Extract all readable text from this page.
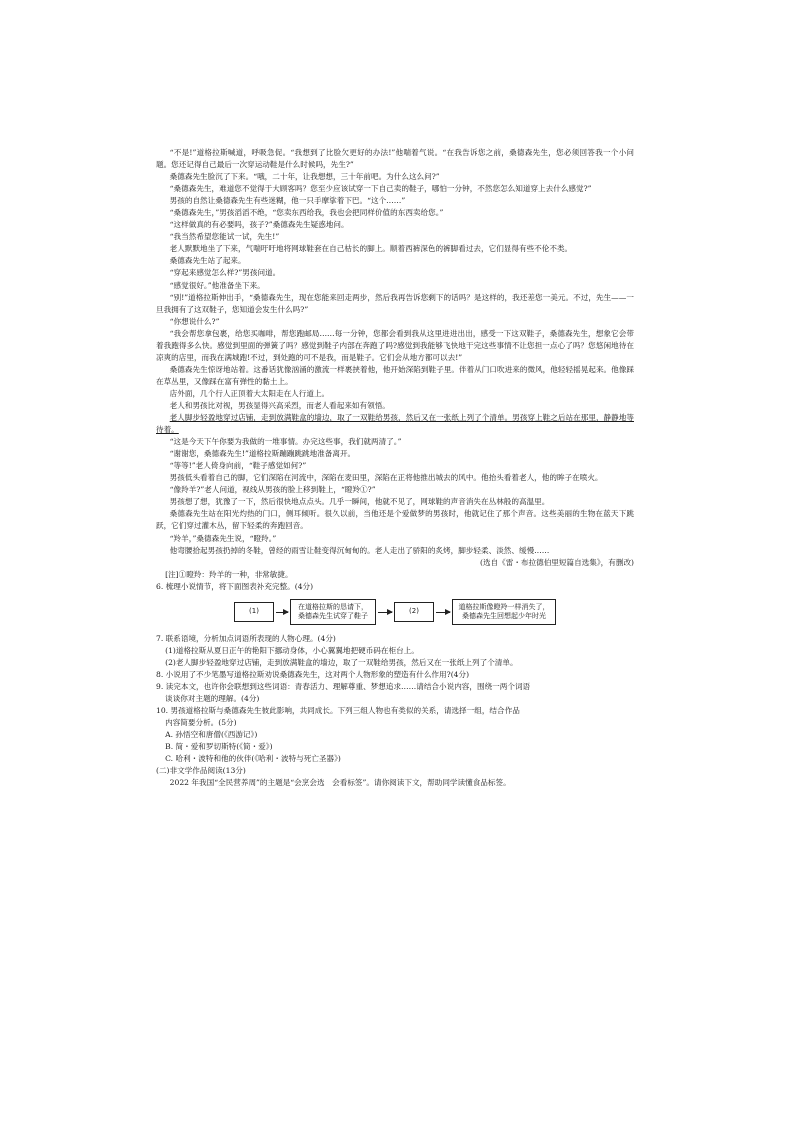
“不是!”道格拉斯喊道，呼吸急促。“我想到了比脸欠更好的办法!”他喘着气说。“在我告诉您之前，桑德森先生，您必须回答我一个小问题。您还记得自己最后一次穿运动鞋是什么时候吗，先生?”

桑德森先生脸沉了下来。“哦，二十年，让我想想，三十年前吧。为什么这么问?”

“桑德森先生，难道您不觉得于大顾客吗？您至少应该试穿一下自己卖的鞋子，哪怕一分钟，不然您怎么知道穿上去什么感觉?”

男孩的自然让桑德森先生有些迷糊，他一只手摩挲着下巴。“这个……”

“桑德森先生，”男孩滔滔不绝，“您卖东西给我，我也会把同样价值的东西卖给您。”

“这样做真的有必要吗，孩子?”桑德森先生疑惑地问。

“我当然希望您能试一试，先生!”

老人默默地坐了下来，气喘吁吁地将网球鞋套在自己枯长的脚上。顺着西裤深色的裤脚看过去，它们显得有些不伦不类。

桑德森先生站了起来。

“穿起来感觉怎么样?”男孩问道。

“感觉很好。”他准备坐下来。

“别!”道格拉斯伸出手，“桑德森先生，现在您能来回走两步，然后我再告诉您剩下的话吗？是这样的，我还差您一美元。不过，先生——一旦我拥有了这双鞋子，您知道会发生什么吗?”

“你想说什么?”

“我会帮您拿包裹，给您买咖啡，帮您跑邮局……每一分钟，您都会看到我从这里进进出出，感受一下这双鞋子，桑德森先生，想象它会带着我跑得多么快。感觉到里面的弹簧了吗？感觉到鞋子内部在奔跑了吗?感觉到我能够飞快地干完这些事情不让您担一点心了吗？您悠闲地待在凉爽的店里，而我在满城跑!不过，到处跑的可不是我，而是鞋子。它们会从地方都可以去!”

桑德森先生惊讶地站着。这番话犹像汹涌的激流一样裹挟着他，他开始深陷到鞋子里。伴着从门口吹进来的微风，他轻轻摇晃起来。他像踩在草丛里，又像踩在富有弹性的黏土上。

店外面，几个行人正顶着大太阳走在人行道上。

老人和男孩比对视，男孩显得兴高采烈，而老人看起来如有领悟。

老人脚步轻盈地穿过店铺，走到放满鞋盒的墙边，取了一双鞋给男孩，然后又在一张纸上列了个清单。男孩穿上鞋之后站在那里，静静地等待着。

“这是今天下午你要为我做的一堆事情。办完这些事，我们就两清了。”

“谢谢您，桑德森先生!”道格拉斯蹦蹦跳跳地准备离开。

“等等!”老人倚身向前，“鞋子感觉如何?”

男孩低头看着自己的脚，它们深陷在河流中，深陷在麦田里，深陷在正将他推出城去的风中。他抬头看着老人，他的眸子在喷火。

“像羚羊?”老人问道，视线从男孩的脸上移到鞋上，“瞪羚①?”

男孩想了想，犹豫了一下，然后很快地点点头。几乎一瞬间，他就不见了，网球鞋的声音消失在丛林般的高温里。

桑德森先生站在阳光灼热的门口，侧耳倾听。很久以前，当他还是个爱做梦的男孩时，他就记住了那个声音。这些美丽的生物在蓝天下跳跃，它们穿过灌木丛，留下轻柔的奔跑回音。

“羚羊，”桑德森先生说，“瞪羚。”

他弯腰拾起男孩扔掉的冬鞋，曾经的雨雪让鞋变得沉甸甸的。老人走出了骄阳的炙烤，脚步轻柔、淡然、缓慢……

(选自《雷・布拉德伯里短篇自选集》，有删改)

[注]①瞪羚：羚羊的一种，非常敏捷。

6. 梳理小说情节，将下面图表补充完整。(4分)

(1)
在道格拉斯的恳请下，
桑德森先生试穿了鞋子
(2)
道格拉斯像瞪羚一样消失了，
桑德森先生回想起少年时光

7. 联系语境，分析加点词语所表现的人物心理。(4分)

(1)道格拉斯从夏日正午的艳阳下挪动身体，小心翼翼地把硬币码在柜台上。

(2)老人脚步轻盈地穿过店铺，走到放满鞋盒的墙边，取了一双鞋给男孩，然后又在一张纸上列了个清单。

8. 小说用了不少笔墨写道格拉斯劝说桑德森先生，这对两个人物形象的塑造有什么作用?(4分)

9. 读完本文，也许你会联想到这些词语：青春活力、理解尊重、梦想追求……请结合小说内容，围绕一两个词语

谈谈你对主题的理解。(4分)

10. 男孩道格拉斯与桑德森先生彼此影响，共同成长。下列三组人物也有类似的关系，请选择一组，结合作品

内容简要分析。(5分)

A. 孙悟空和唐僧(《西游记》)

B. 简・爱和罗切斯特(《简・爱》)

C. 哈利・波特和他的伙伴(《哈利・波特与死亡圣器》)

(二)非文学作品阅读(13分)

2022 年我国“全民营养周”的主题是“会烹会选　会看标签”。请你阅读下文，帮助同学读懂食品标签。
